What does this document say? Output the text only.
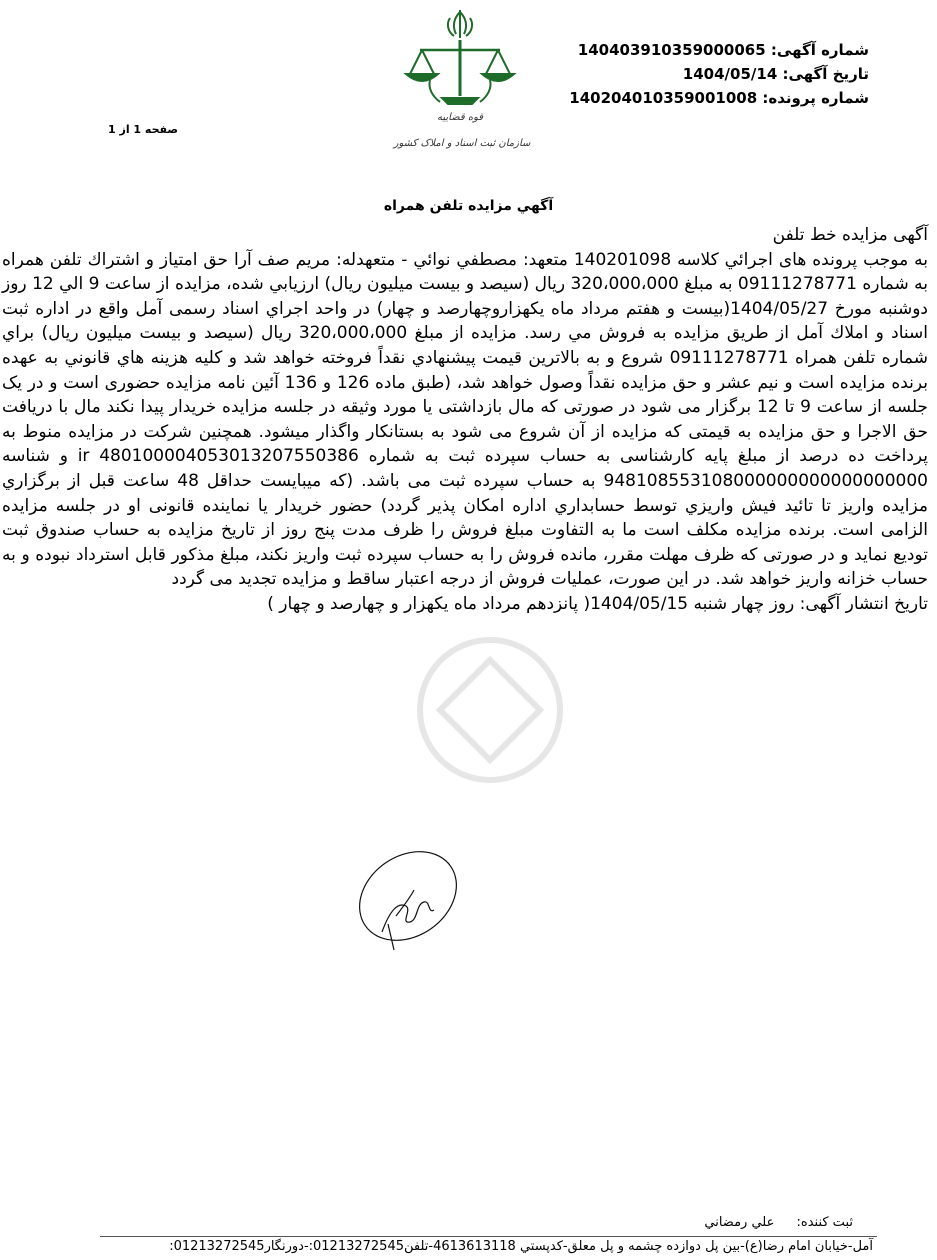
شماره آگهی: 14040391035900006​5
تاریخ آگهی: 1404/05/14
شماره پرونده: 14020401035900100​8
صفحه 1 از 1
قوه قضاییه
سازمان ثبت اسناد و املاک کشور
آگهي مزايده تلفن همراه

آگهی مزایده خط تلفن

به موجب پرونده های اجرائي كلاسه 140201098 متعهد: مصطفي نوائي - متعهدله: مريم صف آرا حق امتياز و اشتراك تلفن همراه به شماره 09111278771 به مبلغ 320،000،000 ريال (سيصد و بيست ميليون ريال) ارزيابي شده، مزايده از ساعت 9 الي 12 روز دوشنبه مورخ 1404/05/27(بيست و هفتم مرداد ماه يكهزاروچهارصد و چهار) در واحد اجراي اسناد رسمی آمل واقع در اداره ثبت اسناد و املاك آمل از طريق مزايده به فروش مي رسد. مزايده از مبلغ 320،000،000 ريال (سيصد و بيست ميليون ريال) براي شماره تلفن همراه 09111278771 شروع و به بالاترين قيمت پيشنهادي نقداً فروخته خواهد شد و كليه هزينه هاي قانوني به عهده برنده مزايده است و نيم عشر و حق مزايده نقداً وصول خواهد شد، (طبق ماده 126 و 136 آئین نامه مزایده حضوری است و در یک جلسه از ساعت 9 تا 12 برگزار می شود در صورتی که مال بازداشتی یا مورد وثیقه در جلسه مزایده خریدار پیدا نکند مال با دریافت حق الاجرا و حق مزایده به قیمتی که مزایده از آن شروع می شود به بستانکار واگذار میشود. همچنین شرکت در مزایده منوط به پرداخت ده درصد از مبلغ پایه کارشناسی به حساب سپرده ثبت به شماره ir 480100004053013207550386 و شناسه 948108553108000000000000000000 به حساب سپرده ثبت می باشد. (كه ميبايست حداقل 48 ساعت قبل از برگزاري مزايده واريز تا تائيد فيش واريزي توسط حسابداري اداره امكان پذير گردد) حضور خريدار يا نماينده قانونی او در جلسه مزایده الزامی است. برنده مزایده مکلف است ما به التفاوت مبلغ فروش را ظرف مدت پنج روز از تاریخ مزایده به حساب صندوق ثبت تودیع نماید و در صورتی که ظرف مهلت مقرر، مانده فروش را به حساب سپرده ثبت واریز نکند، مبلغ مذکور قابل استرداد نبوده و به حساب خزانه واریز خواهد شد. در این صورت، عملیات فروش از درجه اعتبار ساقط و مزایده تجدید می گردد

تاريخ انتشار آگهی: روز چهار شنبه 1404/05/15( پانزدهم مرداد ماه يكهزار و چهارصد و چهار )

ثبت كننده: علي رمضاني
آمل-خيابان امام رضا(ع)-بين پل دوازده چشمه و پل معلق-كدپستي 4613613118-تلفن01213272545:-دورنگار01213272545:
